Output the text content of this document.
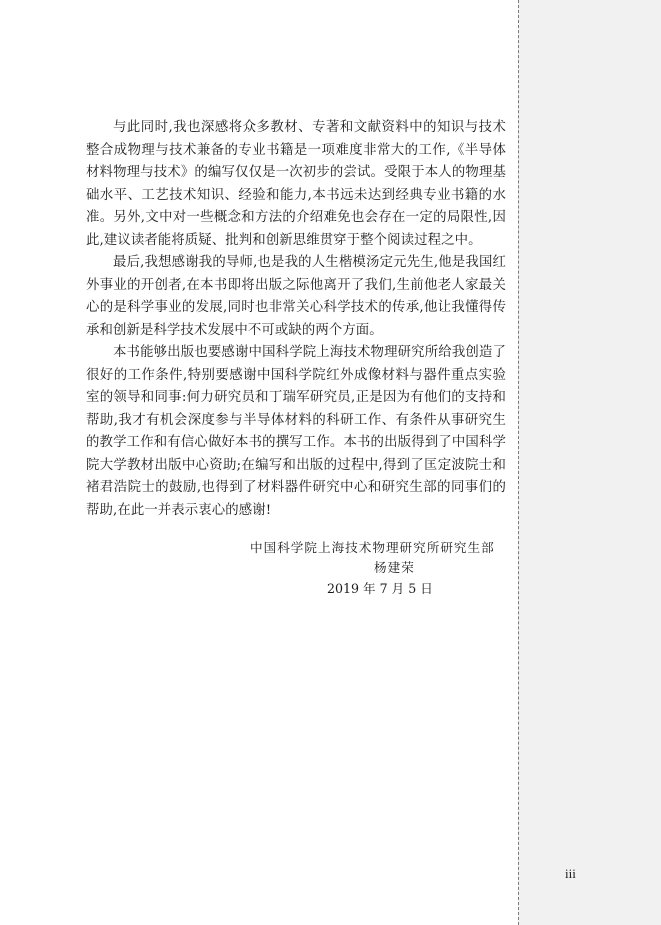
与此同时,我也深感将众多教材、专著和文献资料中的知识与技术整合成物理与技术兼备的专业书籍是一项难度非常大的工作,《半导体材料物理与技术》的编写仅仅是一次初步的尝试。受限于本人的物理基础水平、工艺技术知识、经验和能力,本书远未达到经典专业书籍的水准。另外,文中对一些概念和方法的介绍难免也会存在一定的局限性,因此,建议读者能将质疑、批判和创新思维贯穿于整个阅读过程之中。

最后,我想感谢我的导师,也是我的人生楷模汤定元先生,他是我国红外事业的开创者,在本书即将出版之际他离开了我们,生前他老人家最关心的是科学事业的发展,同时也非常关心科学技术的传承,他让我懂得传承和创新是科学技术发展中不可或缺的两个方面。

本书能够出版也要感谢中国科学院上海技术物理研究所给我创造了很好的工作条件,特别要感谢中国科学院红外成像材料与器件重点实验室的领导和同事:何力研究员和丁瑞军研究员,正是因为有他们的支持和帮助,我才有机会深度参与半导体材料的科研工作、有条件从事研究生的教学工作和有信心做好本书的撰写工作。本书的出版得到了中国科学院大学教材出版中心资助;在编写和出版的过程中,得到了匡定波院士和褚君浩院士的鼓励,也得到了材料器件研究中心和研究生部的同事们的帮助,在此一并表示衷心的感谢!

中国科学院上海技术物理研究所研究生部
杨建荣
2019 年 7 月 5 日
iii
